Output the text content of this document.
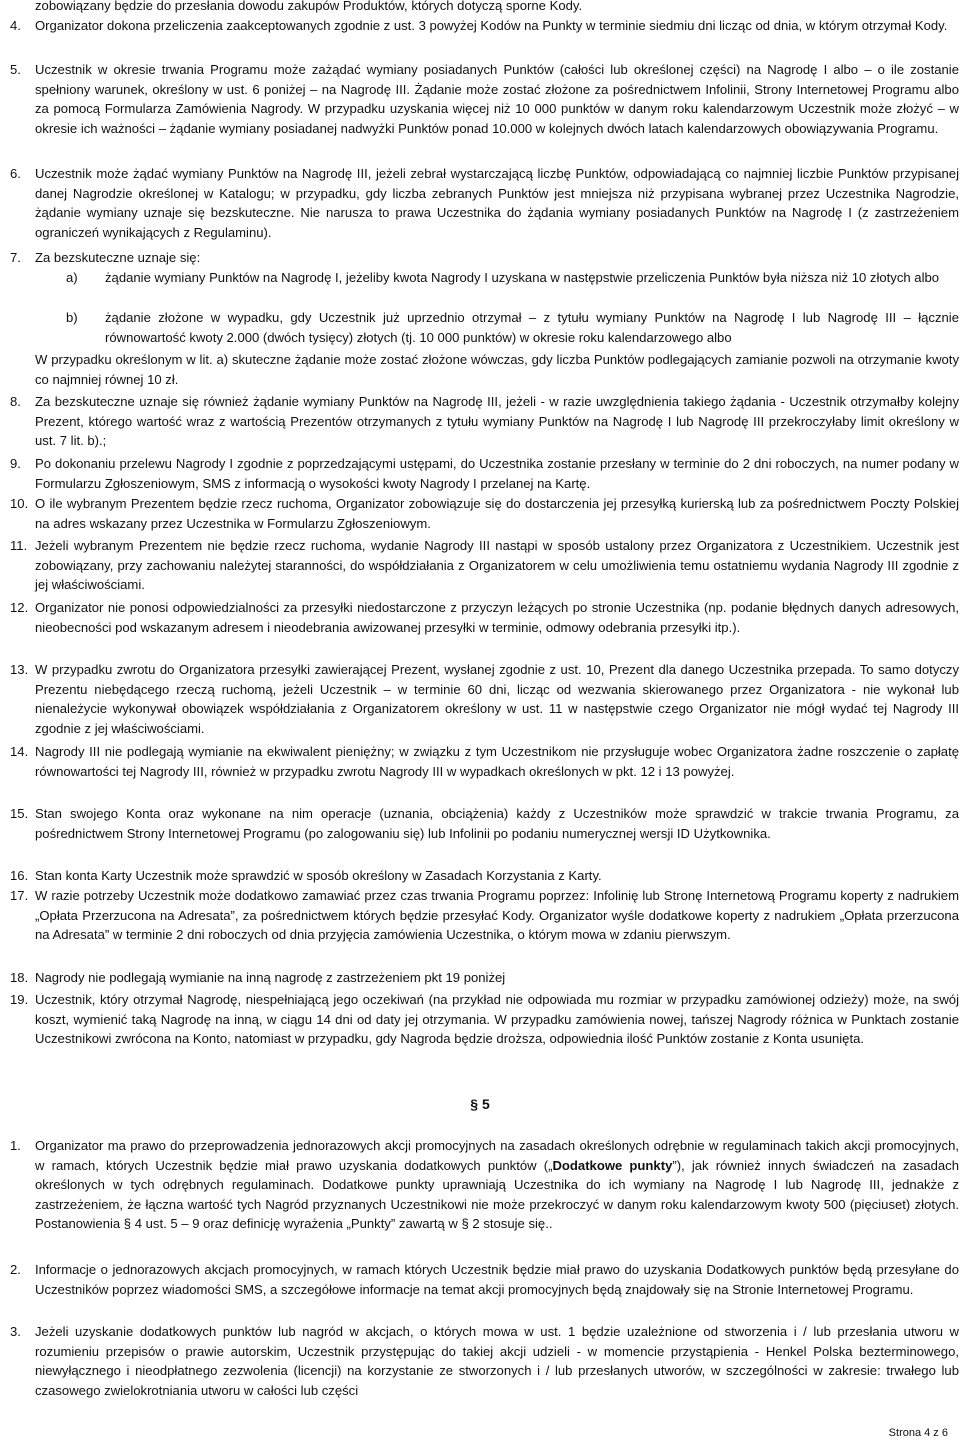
zobowiązany będzie do przesłania dowodu zakupów Produktów, których dotyczą sporne Kody.
4. Organizator dokona przeliczenia zaakceptowanych zgodnie z ust. 3 powyżej Kodów na Punkty w terminie siedmiu dni licząc od dnia, w którym otrzymał Kody.
5. Uczestnik w okresie trwania Programu może zażądać wymiany posiadanych Punktów (całości lub określonej części) na Nagrodę I albo – o ile zostanie spełniony warunek, określony w ust. 6 poniżej – na Nagrodę III. Żądanie może zostać złożone za pośrednictwem Infolinii, Strony Internetowej Programu albo za pomocą Formularza Zamówienia Nagrody. W przypadku uzyskania więcej niż 10 000 punktów w danym roku kalendarzowym Uczestnik może złożyć – w okresie ich ważności – żądanie wymiany posiadanej nadwyżki Punktów ponad 10.000 w kolejnych dwóch latach kalendarzowych obowiązywania Programu.
6. Uczestnik może żądać wymiany Punktów na Nagrodę III, jeżeli zebrał wystarczającą liczbę Punktów, odpowiadającą co najmniej liczbie Punktów przypisanej danej Nagrodzie określonej w Katalogu; w przypadku, gdy liczba zebranych Punktów jest mniejsza niż przypisana wybranej przez Uczestnika Nagrodzie, żądanie wymiany uznaje się bezskuteczne. Nie narusza to prawa Uczestnika do żądania wymiany posiadanych Punktów na Nagrodę I (z zastrzeżeniem ograniczeń wynikających z Regulaminu).
7. Za bezskuteczne uznaje się:
a) żądanie wymiany Punktów na Nagrodę I, jeżeliby kwota Nagrody I uzyskana w następstwie przeliczenia Punktów była niższa niż 10 złotych albo
b) żądanie złożone w wypadku, gdy Uczestnik już uprzednio otrzymał – z tytułu wymiany Punktów na Nagrodę I lub Nagrodę III – łącznie równowartość kwoty 2.000 (dwóch tysięcy) złotych (tj. 10 000 punktów) w okresie roku kalendarzowego albo
W przypadku określonym w lit. a) skuteczne żądanie może zostać złożone wówczas, gdy liczba Punktów podlegających zamianie pozwoli na otrzymanie kwoty co najmniej równej 10 zł.
8. Za bezskuteczne uznaje się również żądanie wymiany Punktów na Nagrodę III, jeżeli - w razie uwzględnienia takiego żądania - Uczestnik otrzymałby kolejny Prezent, którego wartość wraz z wartością Prezentów otrzymanych z tytułu wymiany Punktów na Nagrodę I lub Nagrodę III przekroczyłaby limit określony w ust. 7 lit. b).;
9. Po dokonaniu przelewu Nagrody I zgodnie z poprzedzającymi ustępami, do Uczestnika zostanie przesłany w terminie do 2 dni roboczych, na numer podany w Formularzu Zgłoszeniowym, SMS z informacją o wysokości kwoty Nagrody I przelanej na Kartę.
10. O ile wybranym Prezentem będzie rzecz ruchoma, Organizator zobowiązuje się do dostarczenia jej przesyłką kurierską lub za pośrednictwem Poczty Polskiej na adres wskazany przez Uczestnika w Formularzu Zgłoszeniowym.
11. Jeżeli wybranym Prezentem nie będzie rzecz ruchoma, wydanie Nagrody III nastąpi w sposób ustalony przez Organizatora z Uczestnikiem. Uczestnik jest zobowiązany, przy zachowaniu należytej staranności, do współdziałania z Organizatorem w celu umożliwienia temu ostatniemu wydania Nagrody III zgodnie z jej właściwościami.
12. Organizator nie ponosi odpowiedzialności za przesyłki niedostarczone z przyczyn leżących po stronie Uczestnika (np. podanie błędnych danych adresowych, nieobecności pod wskazanym adresem i nieodebrania awizowanej przesyłki w terminie, odmowy odebrania przesyłki itp.).
13. W przypadku zwrotu do Organizatora przesyłki zawierającej Prezent, wysłanej zgodnie z ust. 10, Prezent dla danego Uczestnika przepada. To samo dotyczy Prezentu niebędącego rzeczą ruchomą, jeżeli Uczestnik – w terminie 60 dni, licząc od wezwania skierowanego przez Organizatora - nie wykonał lub nienależycie wykonywał obowiązek współdziałania z Organizatorem określony w ust. 11 w następstwie czego Organizator nie mógł wydać tej Nagrody III zgodnie z jej właściwościami.
14. Nagrody III nie podlegają wymianie na ekwiwalent pieniężny; w związku z tym Uczestnikom nie przysługuje wobec Organizatora żadne roszczenie o zapłatę równowartości tej Nagrody III, również w przypadku zwrotu Nagrody III w wypadkach określonych w pkt. 12 i 13 powyżej.
15. Stan swojego Konta oraz wykonane na nim operacje (uznania, obciążenia) każdy z Uczestników może sprawdzić w trakcie trwania Programu, za pośrednictwem Strony Internetowej Programu (po zalogowaniu się) lub Infolinii po podaniu numerycznej wersji ID Użytkownika.
16. Stan konta Karty Uczestnik może sprawdzić w sposób określony w Zasadach Korzystania z Karty.
17. W razie potrzeby Uczestnik może dodatkowo zamawiać przez czas trwania Programu poprzez: Infolinię lub Stronę Internetową Programu koperty z nadrukiem „Opłata Przerzucona na Adresata”, za pośrednictwem których będzie przesyłać Kody. Organizator wyśle dodatkowe koperty z nadrukiem „Opłata przerzucona na Adresata” w terminie 2 dni roboczych od dnia przyjęcia zamówienia Uczestnika, o którym mowa w zdaniu pierwszym.
18. Nagrody nie podlegają wymianie na inną nagrodę z zastrzeżeniem pkt 19 poniżej
19. Uczestnik, który otrzymał Nagrodę, niespełniającą jego oczekiwań (na przykład nie odpowiada mu rozmiar w przypadku zamówionej odzieży) może, na swój koszt, wymienić taką Nagrodę na inną, w ciągu 14 dni od daty jej otrzymania. W przypadku zamówienia nowej, tańszej Nagrody różnica w Punktach zostanie Uczestnikowi zwrócona na Konto, natomiast w przypadku, gdy Nagroda będzie droższa, odpowiednia ilość Punktów zostanie z Konta usunięta.
§ 5
1. Organizator ma prawo do przeprowadzenia jednorazowych akcji promocyjnych na zasadach określonych odrębnie w regulaminach takich akcji promocyjnych, w ramach, których Uczestnik będzie miał prawo uzyskania dodatkowych punktów („Dodatkowe punkty”), jak również innych świadczeń na zasadach określonych w tych odrębnych regulaminach. Dodatkowe punkty uprawniają Uczestnika do ich wymiany na Nagrodę I lub Nagrodę III, jednakże z zastrzeżeniem, że łączna wartość tych Nagród przyznanych Uczestnikowi nie może przekroczyć w danym roku kalendarzowym kwoty 500 (pięciuset) złotych. Postanowienia § 4 ust. 5 – 9 oraz definicję wyrażenia „Punkty” zawartą w § 2 stosuje się..
2. Informacje o jednorazowych akcjach promocyjnych, w ramach których Uczestnik będzie miał prawo do uzyskania Dodatkowych punktów będą przesyłane do Uczestników poprzez wiadomości SMS, a szczegółowe informacje na temat akcji promocyjnych będą znajdowały się na Stronie Internetowej Programu.
3. Jeżeli uzyskanie dodatkowych punktów lub nagród w akcjach, o których mowa w ust. 1 będzie uzależnione od stworzenia i / lub przesłania utworu w rozumieniu przepisów o prawie autorskim, Uczestnik przystępując do takiej akcji udzieli - w momencie przystąpienia - Henkel Polska bezterminowego, niewyłącznego i nieodpłatnego zezwolenia (licencji) na korzystanie ze stworzonych i / lub przesłanych utworów, w szczególności w zakresie: trwałego lub czasowego zwielokrotniania utworu w całości lub części
Strona 4 z 6
